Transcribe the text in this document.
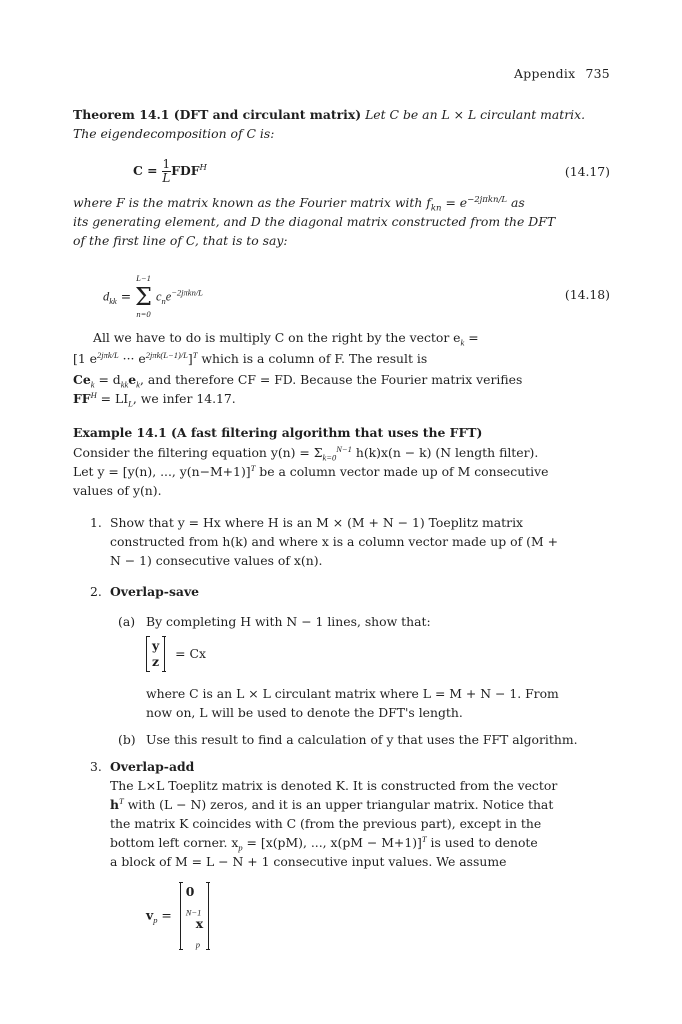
Appendix 735
Theorem 14.1 (DFT and circulant matrix) Let C be an L × L circulant matrix. The eigendecomposition of C is:
$C = \frac{1}{L} FDF^H$	(14.17)
where F is the matrix known as the Fourier matrix with $f_{kn} = e^{-2j\pi kn/L}$ as
its generating element, and D the diagonal matrix constructed from the DFT
of the first line of C, that is to say:
$d_{kk} = L-1$
Σ
n=0 $c_ne^{-2j\pi kn/L}$	(14.18)
All we have to do is multiply C on the right by the vector $e_k$ =
[1 $e^{2j\pi k/L}$ ··· $e^{2j\pi k(L-1)/L}]^T$ which is a column of F. The result is
$Ce_k = d_{kk}e_k$, and therefore CF = FD. Because the Fourier matrix verifies
$FF^H = LI_L$, we infer 14.17.
Example 14.1 (A fast filtering algorithm that uses the FFT)
Consider the filtering equation $y(n) = \Sigma_{k=0}^{N-1}$ h(k)x(n − k) (N length filter).
Let y = [y(n), ..., y(n−M+1)]$^T$ be a column vector made up of M consecutive
values of y(n).
1. Show that y = Hx where H is an M × (M + N − 1) Toeplitz matrix
constructed from h(k) and where x is a column vector made up of (M +
N − 1) consecutive values of x(n).
2. Overlap-save
(a) By completing H with N − 1 lines, show that:
y
z
= Cx
where C is an L × L circulant matrix where L = M + N − 1. From
now on, L will be used to denote the DFT's length.
(b) Use this result to find a calculation of y that uses the FFT algorithm.
3. Overlap-add
The L×L Toeplitz matrix is denoted K. It is constructed from the vector
$h^T$ with (L − N) zeros, and it is an upper triangular matrix. Notice that
the matrix K coincides with C (from the previous part), except in the
bottom left corner. $x_p = [x(pM)$, ..., x(pM − M+1)]$^T$ is used to denote
a block of M = L − N + 1 consecutive input values. We assume
$v_p$ =
0
$_{N-1}$
x
$_p$
